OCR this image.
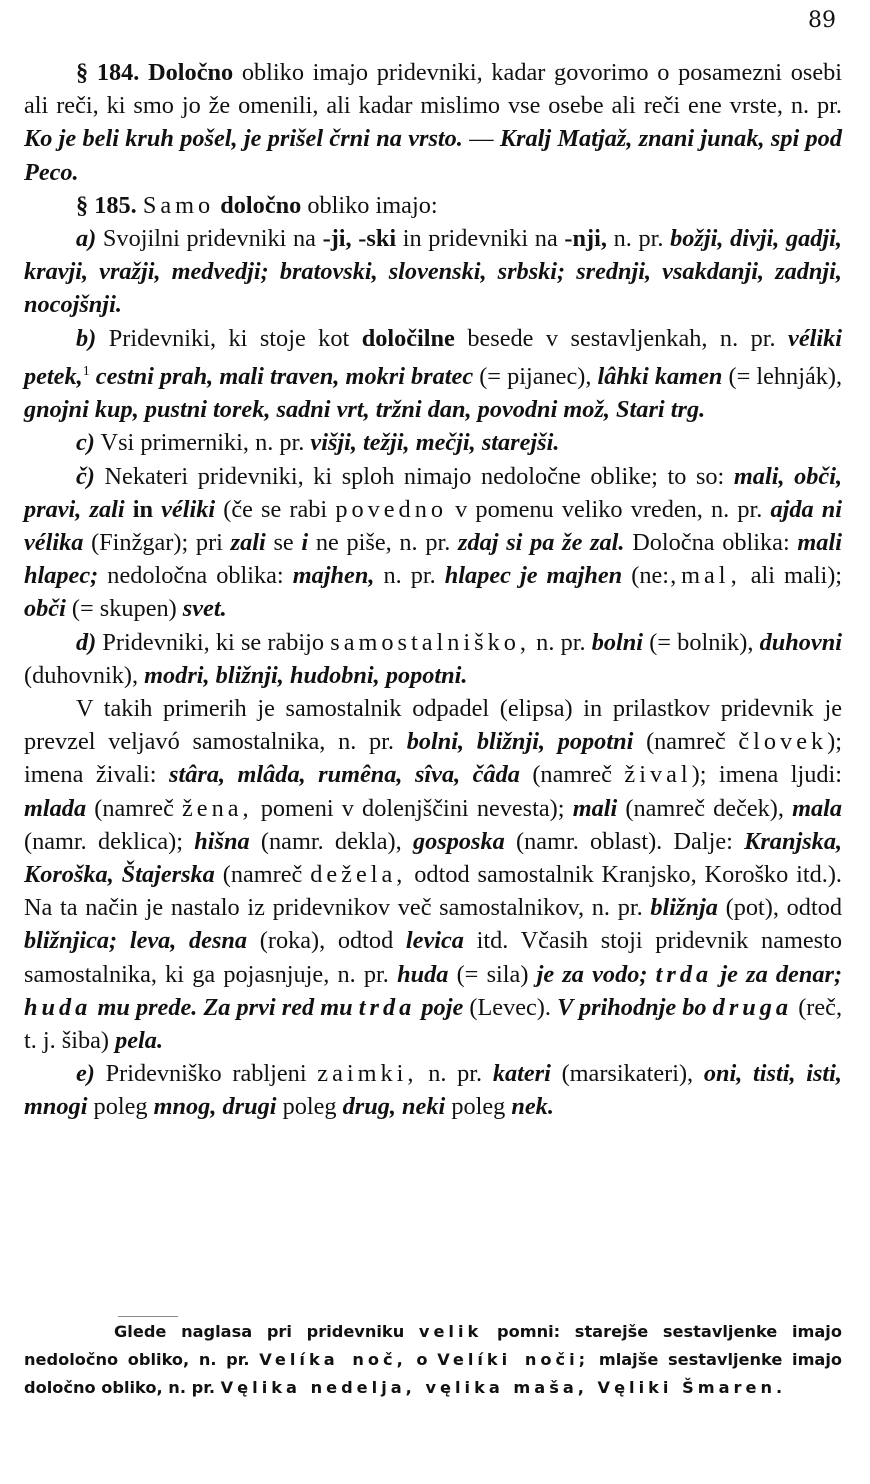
89

§ 184. Določno obliko imajo pridevniki, kadar govorimo o posamezni osebi ali reči, ki smo jo že omenili, ali kadar mislimo vse osebe ali reči ene vrste, n. pr. Ko je beli kruh pošel, je prišel črni na vrsto. — Kralj Matjaž, znani junak, spi pod Peco.

§ 185. Samo določno obliko imajo:

a) Svojilni pridevniki na -ji, -ski in pridevniki na -nji, n. pr. božji, divji, gadji, kravji, vražji, medvedji; bratovski, slovenski, srbski; srednji, vsakdanji, zadnji, nocojšnji.

b) Pridevniki, ki stoje kot določilne besede v sestavljenkah, n. pr. véliki petek,$^1$ cestni prah, mali traven, mokri bratec (= pijanec), lâhki kamen (= lehnják), gnojni kup, pustni torek, sadni vrt, tržni dan, povodni mož, Stari trg.

c) Vsi primerniki, n. pr. višji, težji, mečji, starejši.

č) Nekateri pridevniki, ki sploh nimajo nedoločne oblike; to so: mali, obči, pravi, zali in véliki (če se rabi povedno v pomenu veliko vreden, n. pr. ajda ni vélika (Finžgar); pri zali se i ne piše, n. pr. zdaj si pa že zal. Določna oblika: mali hlapec; nedoločna oblika: majhen, n. pr. hlapec je majhen (ne:‚mal‚ ali mali); obči (= skupen) svet.

d) Pridevniki, ki se rabijo samostalniško, n. pr. bolni (= bolnik), duhovni (duhovnik), modri, bližnji, hudobni, popotni.

V takih primerih je samostalnik odpadel (elipsa) in prilastkov pridevnik je prevzel veljavó samostalnika, n. pr. bolni, bližnji, popotni (namreč človek); imena živali: stâra, mlâda, rumêna, sîva, čâda (namreč žival); imena ljudi: mlada (namreč žena, pomeni v dolenjščini nevesta); mali (namreč deček), mala (namr. deklica); hišna (namr. dekla), gosposka (namr. oblast). Dalje: Kranjska, Koroška, Štajerska (namreč dežela, odtod samostalnik Kranjsko, Koroško itd.). Na ta način je nastalo iz pridevnikov več samostalnikov, n. pr. bližnja (pot), odtod bližnjica; leva, desna (roka), odtod levica itd. Včasih stoji pridevnik namesto samostalnika, ki ga pojasnjuje, n. pr. huda (= sila) je za vodo; trda je za denar; huda mu prede. Za prvi red mu trda poje (Levec). V prihodnje bo druga (reč, t. j. šiba) pela.

e) Pridevniško rabljeni zaimki, n. pr. kateri (marsikateri), oni, tisti, isti, mnogi poleg mnog, drugi poleg drug, neki poleg nek.

Glede naglasa pri pridevniku velik pomni: starejše sestavljenke imajo nedoločno obliko, n. pr. Velíka noč, o Velíki noči; mlajše sestavljenke imajo določno obliko, n. pr. Vęlika nedelja, vęlika maša, Vęliki Šmaren.
